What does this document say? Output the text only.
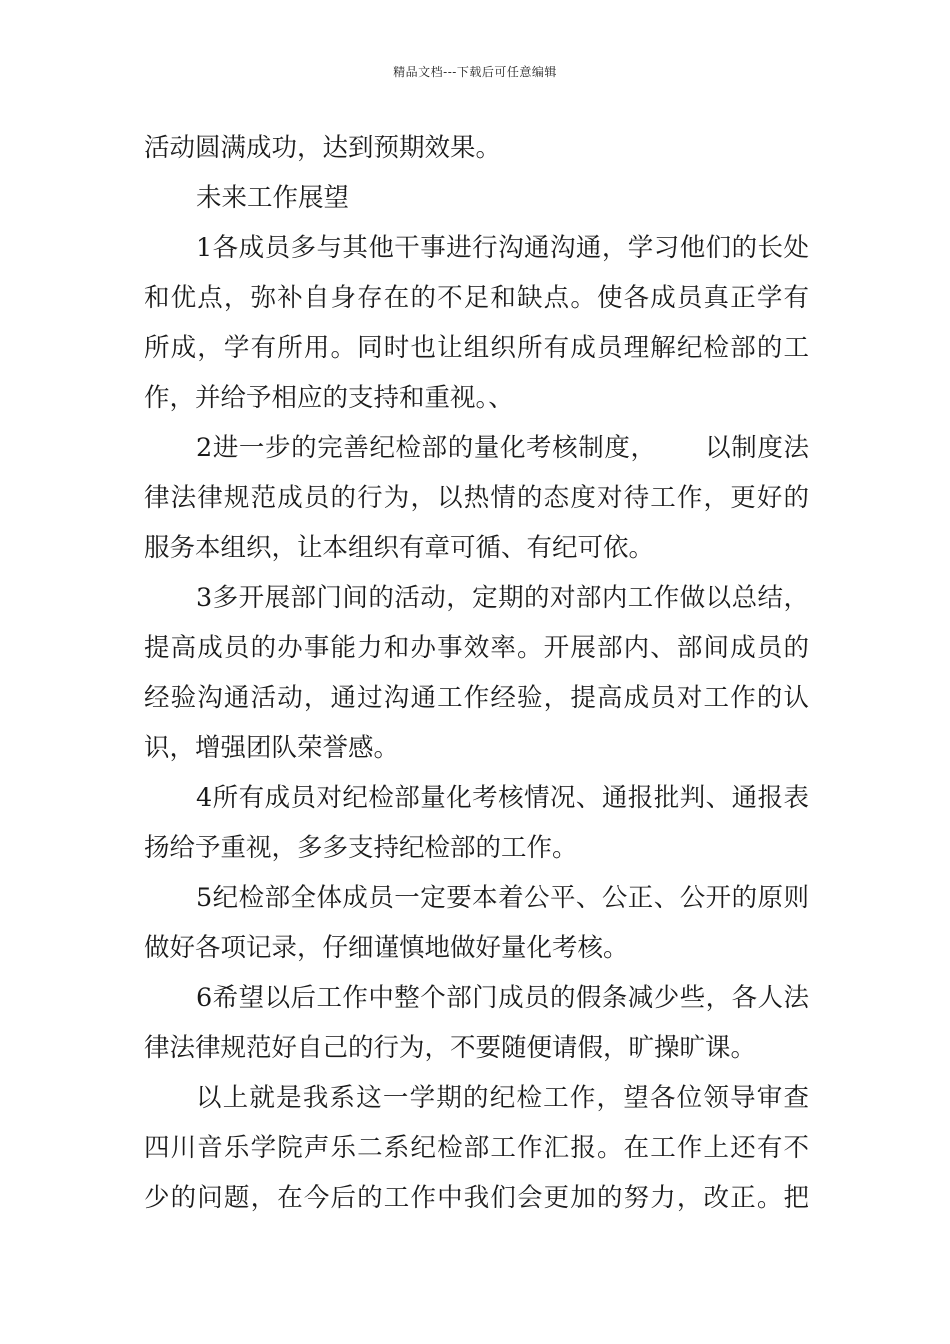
精品文档---下载后可任意编辑
活动圆满成功，达到预期效果。
未来工作展望
1各成员多与其他干事进行沟通沟通，学习他们的长处
和优点，弥补自身存在的不足和缺点。使各成员真正学有
所成，学有所用。同时也让组织所有成员理解纪检部的工
作，并给予相应的支持和重视。、
2进一步的完善纪检部的量化考核制度， 以制度法
律法律规范成员的行为，以热情的态度对待工作，更好的
服务本组织，让本组织有章可循、有纪可依。
3多开展部门间的活动，定期的对部内工作做以总结，
提高成员的办事能力和办事效率。开展部内、部间成员的
经验沟通活动，通过沟通工作经验，提高成员对工作的认
识，增强团队荣誉感。
4所有成员对纪检部量化考核情况、通报批判、通报表
扬给予重视，多多支持纪检部的工作。
5纪检部全体成员一定要本着公平、公正、公开的原则
做好各项记录，仔细谨慎地做好量化考核。
6希望以后工作中整个部门成员的假条减少些，各人法
律法律规范好自己的行为，不要随便请假，旷操旷课。
以上就是我系这一学期的纪检工作，望各位领导审查
四川音乐学院声乐二系纪检部工作汇报。在工作上还有不
少的问题，在今后的工作中我们会更加的努力，改正。把
